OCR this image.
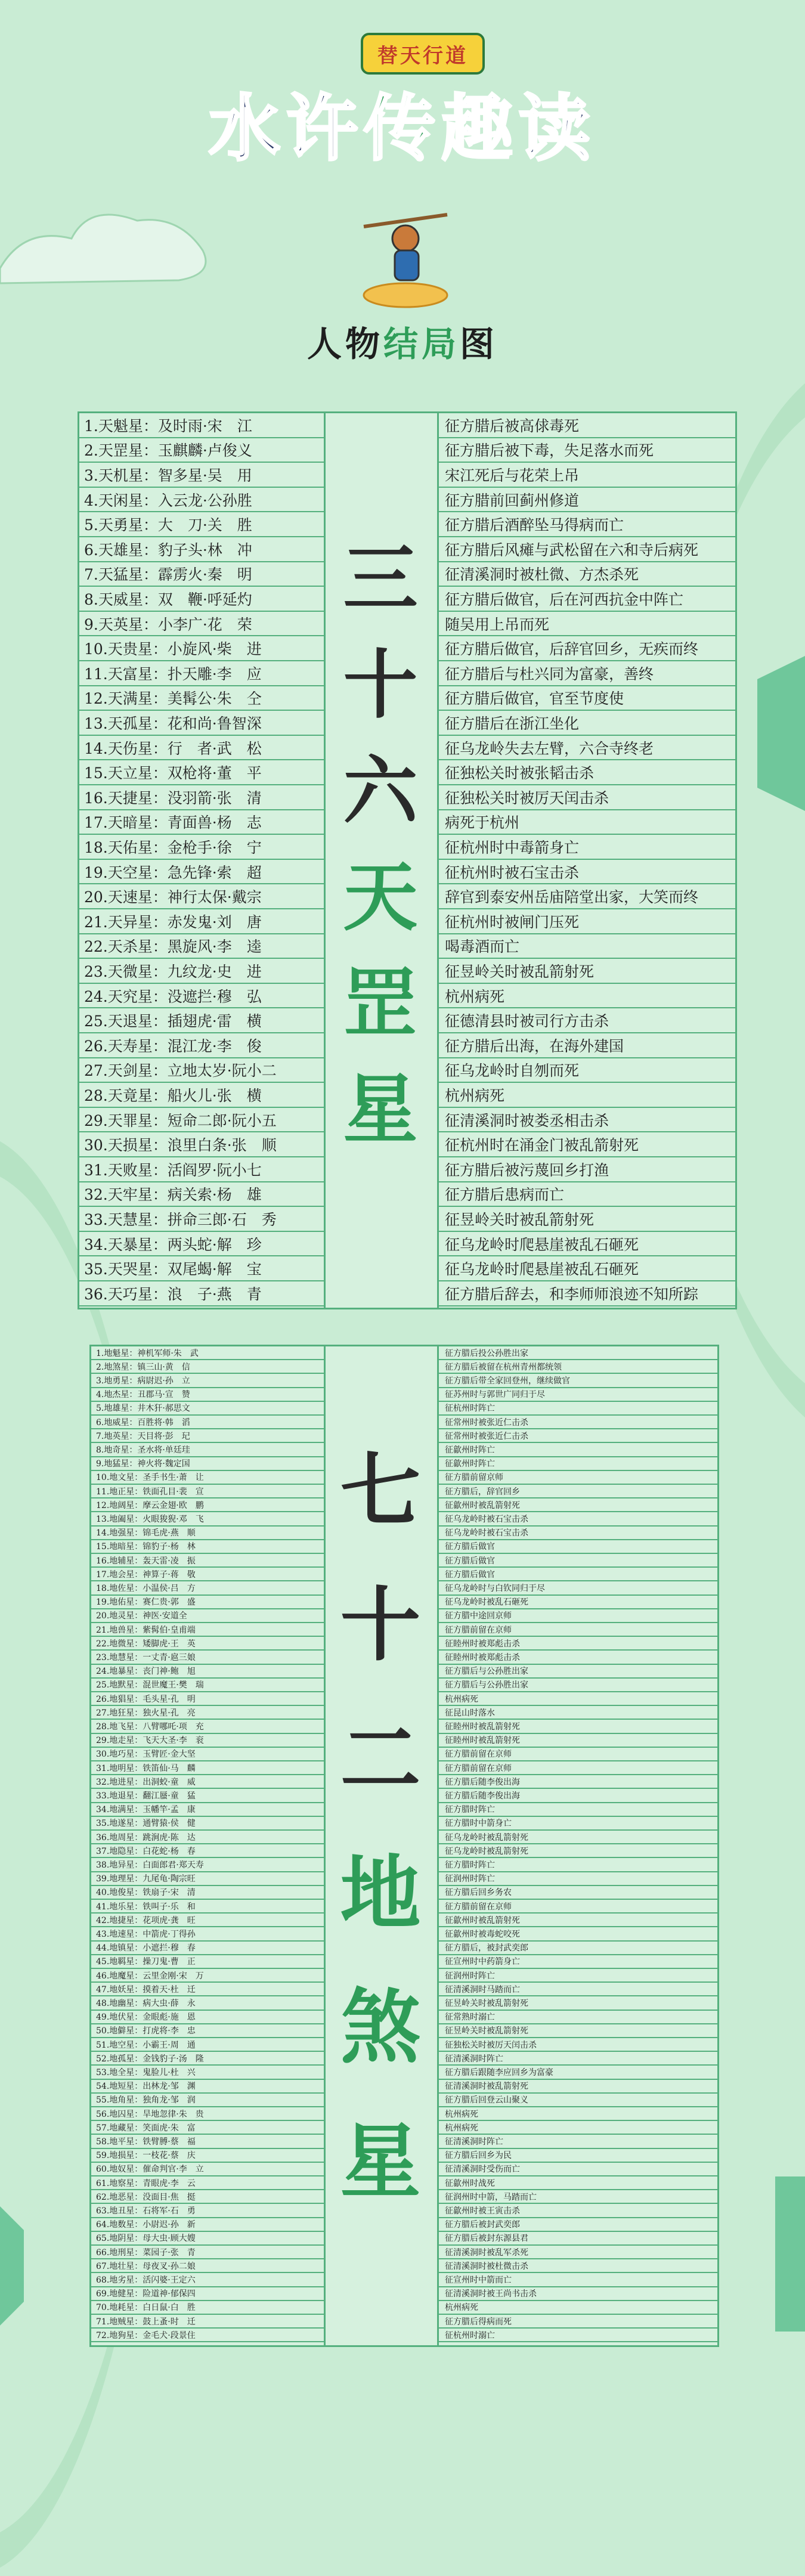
替天行道
水许传趣读
人物结局图
1.天魁星：及时雨·宋　江	征方腊后被高俅毒死
2.天罡星：玉麒麟·卢俊义	征方腊后被下毒，失足落水而死
3.天机星：智多星·吴　用	宋江死后与花荣上吊
4.天闲星：入云龙·公孙胜	征方腊前回蓟州修道
5.天勇星：大　刀·关　胜	征方腊后酒醉坠马得病而亡
6.天雄星：豹子头·林　冲	征方腊后风瘫与武松留在六和寺后病死
7.天猛星：霹雳火·秦　明	征清溪洞时被杜微、方杰杀死
8.天威星：双　鞭·呼延灼	征方腊后做官，后在河西抗金中阵亡
9.天英星：小李广·花　荣	随吴用上吊而死
10.天贵星：小旋风·柴　进	征方腊后做官，后辞官回乡，无疾而终
11.天富星：扑天雕·李　应	征方腊后与杜兴同为富豪，善终
12.天满星：美髯公·朱　仝	征方腊后做官，官至节度使
13.天孤星：花和尚·鲁智深	征方腊后在浙江坐化
14.天伤星：行　者·武　松	征乌龙岭失去左臂，六合寺终老
15.天立星：双枪将·董　平	征独松关时被张韬击杀
16.天捷星：没羽箭·张　清	征独松关时被厉天闰击杀
17.天暗星：青面兽·杨　志	病死于杭州
18.天佑星：金枪手·徐　宁	征杭州时中毒箭身亡
19.天空星：急先锋·索　超	征杭州时被石宝击杀
20.天速星：神行太保·戴宗	辞官到泰安州岳庙陪堂出家，大笑而终
21.天异星：赤发鬼·刘　唐	征杭州时被闸门压死
22.天杀星：黑旋风·李　逵	喝毒酒而亡
23.天微星：九纹龙·史　进	征昱岭关时被乱箭射死
24.天究星：没遮拦·穆　弘	杭州病死
25.天退星：插翅虎·雷　横	征德清县时被司行方击杀
26.天寿星：混江龙·李　俊	征方腊后出海，在海外建国
27.天剑星：立地太岁·阮小二	征乌龙岭时自刎而死
28.天竟星：船火儿·张　横	杭州病死
29.天罪星：短命二郎·阮小五	征清溪洞时被娄丞相击杀
30.天损星：浪里白条·张　顺	征杭州时在涌金门被乱箭射死
31.天败星：活阎罗·阮小七	征方腊后被污蔑回乡打渔
32.天牢星：病关索·杨　雄	征方腊后患病而亡
33.天慧星：拼命三郎·石　秀	征昱岭关时被乱箭射死
34.天暴星：两头蛇·解　珍	征乌龙岭时爬悬崖被乱石砸死
35.天哭星：双尾蝎·解　宝	征乌龙岭时爬悬崖被乱石砸死
36.天巧星：浪　子·燕　青	征方腊后辞去，和李师师浪迹不知所踪
三
十
六
天
罡
星
1.地魁星：神机军师·朱　武	征方腊后投公孙胜出家
2.地煞星：镇三山·黄　信	征方腊后被留在杭州青州都统领
3.地勇星：病尉迟·孙　立	征方腊后带全家回登州，继续做官
4.地杰星：丑郡马·宣　赞	征苏州时与郭世广同归于尽
5.地雄星：井木犴·郝思文	征杭州时阵亡
6.地威星：百胜将·韩　滔	征常州时被张近仁击杀
7.地英星：天目将·彭　玘	征常州时被张近仁击杀
8.地奇星：圣水将·单廷珪	征歙州时阵亡
9.地猛星：神火将·魏定国	征歙州时阵亡
10.地文星：圣手书生·萧　让	征方腊前留京师
11.地正星：铁面孔目·裴　宣	征方腊后，辞官回乡
12.地阔星：摩云金翅·欧　鹏	征歙州时被乱箭射死
13.地阖星：火眼狻猊·邓　飞	征乌龙岭时被石宝击杀
14.地强星：锦毛虎·燕　顺	征乌龙岭时被石宝击杀
15.地暗星：锦豹子·杨　林	征方腊后做官
16.地辅星：轰天雷·凌　振	征方腊后做官
17.地会星：神算子·蒋　敬	征方腊后做官
18.地佐星：小温侯·吕　方	征乌龙岭时与白钦同归于尽
19.地佑星：赛仁贵·郭　盛	征乌龙岭时被乱石砸死
20.地灵星：神医·安道全	征方腊中途回京师
21.地兽星：紫髯伯·皇甫端	征方腊前留在京师
22.地微星：矮脚虎·王　英	征睦州时被郑彪击杀
23.地慧星：一丈青·扈三娘	征睦州时被郑彪击杀
24.地暴星：丧门神·鲍　旭	征方腊后与公孙胜出家
25.地默星：混世魔王·樊　瑞	征方腊后与公孙胜出家
26.地猖星：毛头星·孔　明	杭州病死
27.地狂星：独火星·孔　亮	征昆山时落水
28.地飞星：八臂哪吒·项　充	征睦州时被乱箭射死
29.地走星：飞天大圣·李　衮	征睦州时被乱箭射死
30.地巧星：玉臂匠·金大坚	征方腊前留在京师
31.地明星：铁笛仙·马　麟	征方腊前留在京师
32.地进星：出洞蛟·童　威	征方腊后随李俊出海
33.地退星：翻江蜃·童　猛	征方腊后随李俊出海
34.地满星：玉幡竿·孟　康	征方腊时阵亡
35.地遂星：通臂猿·侯　健	征方腊时中箭身亡
36.地周星：跳涧虎·陈　达	征乌龙岭时被乱箭射死
37.地隐星：白花蛇·杨　春	征乌龙岭时被乱箭射死
38.地异星：白面郎君·郑天寿	征方腊时阵亡
39.地理星：九尾龟·陶宗旺	征润州时阵亡
40.地俊星：铁扇子·宋　清	征方腊后回乡务农
41.地乐星：铁叫子·乐　和	征方腊前留在京师
42.地捷星：花项虎·龚　旺	征歙州时被乱箭射死
43.地速星：中箭虎·丁得孙	征歙州时被毒蛇咬死
44.地镇星：小遮拦·穆　春	征方腊后，被封武奕郎
45.地羁星：操刀鬼·曹　正	征宣州时中药箭身亡
46.地魔星：云里金刚·宋　万	征润州时阵亡
47.地妖星：摸着天·杜　迁	征清溪洞时马踏而亡
48.地幽星：病大虫·薛　永	征昱岭关时被乱箭射死
49.地伏星：金眼彪·施　恩	征常熟时溺亡
50.地僻星：打虎将·李　忠	征昱岭关时被乱箭射死
51.地空星：小霸王·周　通	征独松关时被厉天闰击杀
52.地孤星：金钱豹子·汤　隆	征清溪洞时阵亡
53.地全星：鬼脸儿·杜　兴	征方腊后跟随李应回乡为富豪
54.地短星：出林龙·邹　渊	征清溪洞时被乱箭射死
55.地角星：独角龙·邹　润	征方腊后回登云山聚义
56.地囚星：旱地忽律·朱　贵	杭州病死
57.地藏星：笑面虎·朱　富	杭州病死
58.地平星：铁臂膊·蔡　福	征清溪洞时阵亡
59.地损星：一枝花·蔡　庆	征方腊后回乡为民
60.地奴星：催命判官·李　立	征清溪洞时受伤而亡
61.地察星：青眼虎·李　云	征歙州时战死
62.地恶星：没面目·焦　挺	征润州时中箭，马踏而亡
63.地丑星：石将军·石　勇	征歙州时被王寅击杀
64.地数星：小尉迟·孙　新	征方腊后被封武奕郎
65.地阴星：母大虫·顾大嫂	征方腊后被封东源县君
66.地刑星：菜园子·张　青	征清溪洞时被乱军杀死
67.地壮星：母夜叉·孙二娘	征清溪洞时被杜微击杀
68.地劣星：活闪婆·王定六	征宣州时中箭而亡
69.地健星：险道神·郁保四	征清溪洞时被王尚书击杀
70.地耗星：白日鼠·白　胜	杭州病死
71.地贼星：鼓上蚤·时　迁	征方腊后得病而死
72.地狗星：金毛犬·段景住	征杭州时溺亡
七
十
二
地
煞
星
